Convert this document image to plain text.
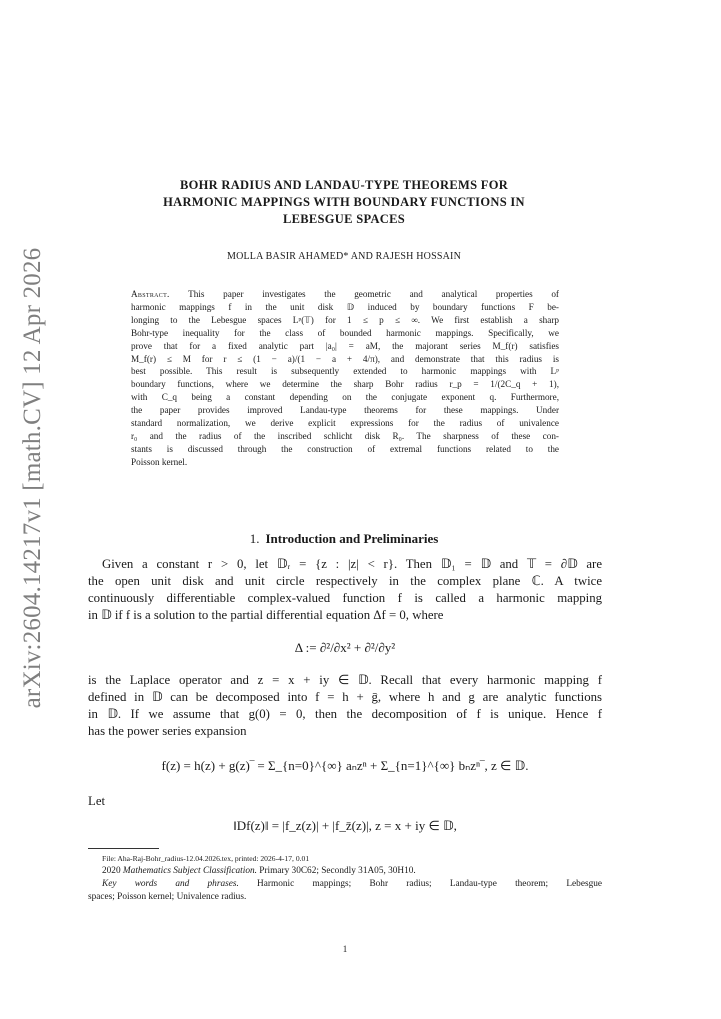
arXiv:2604.14217v1 [math.CV] 12 Apr 2026
BOHR RADIUS AND LANDAU-TYPE THEOREMS FOR
HARMONIC MAPPINGS WITH BOUNDARY FUNCTIONS IN
LEBESGUE SPACES
MOLLA BASIR AHAMED* AND RAJESH HOSSAIN
Abstract. This paper investigates the geometric and analytical properties of
harmonic mappings f in the unit disk 𝔻 induced by boundary functions F be-
longing to the Lebesgue spaces Lᵖ(𝕋) for 1 ≤ p ≤ ∞. We first establish a sharp
Bohr-type inequality for the class of bounded harmonic mappings. Specifically, we
prove that for a fixed analytic part |a₀| = aM, the majorant series M_f(r) satisfies
M_f(r) ≤ M for r ≤ (1 − a)/(1 − a + 4/π), and demonstrate that this radius is
best possible. This result is subsequently extended to harmonic mappings with Lᵖ
boundary functions, where we determine the sharp Bohr radius r_p = 1/(2C_q + 1),
with C_q being a constant depending on the conjugate exponent q. Furthermore,
the paper provides improved Landau-type theorems for these mappings. Under
standard normalization, we derive explicit expressions for the radius of univalence
r₀ and the radius of the inscribed schlicht disk R₀. The sharpness of these con-
stants is discussed through the construction of extremal functions related to the
Poisson kernel.
1. Introduction and Preliminaries
Given a constant r > 0, let 𝔻ᵣ = {z : |z| < r}. Then 𝔻₁ = 𝔻 and 𝕋 = ∂𝔻 are
the open unit disk and unit circle respectively in the complex plane ℂ. A twice
continuously differentiable complex-valued function f is called a harmonic mapping
in 𝔻 if f is a solution to the partial differential equation Δf = 0, where
Δ := ∂²/∂x² + ∂²/∂y²
is the Laplace operator and z = x + iy ∈ 𝔻. Recall that every harmonic mapping f
defined in 𝔻 can be decomposed into f = h + ḡ, where h and g are analytic functions
in 𝔻. If we assume that g(0) = 0, then the decomposition of f is unique. Hence f
has the power series expansion
f(z) = h(z) + g(z)‾ = Σ_{n=0}^{∞} aₙzⁿ + Σ_{n=1}^{∞} bₙzⁿ‾, z ∈ 𝔻.
Let
‖Df(z)‖ = |f_z(z)| + |f_z̄(z)|, z = x + iy ∈ 𝔻,
File: Aha-Raj-Bohr_radius-12.04.2026.tex, printed: 2026-4-17, 0.01
2020 Mathematics Subject Classification. Primary 30C62; Secondly 31A05, 30H10.
Key words and phrases. Harmonic mappings; Bohr radius; Landau-type theorem; Lebesgue
spaces; Poisson kernel; Univalence radius.
1
